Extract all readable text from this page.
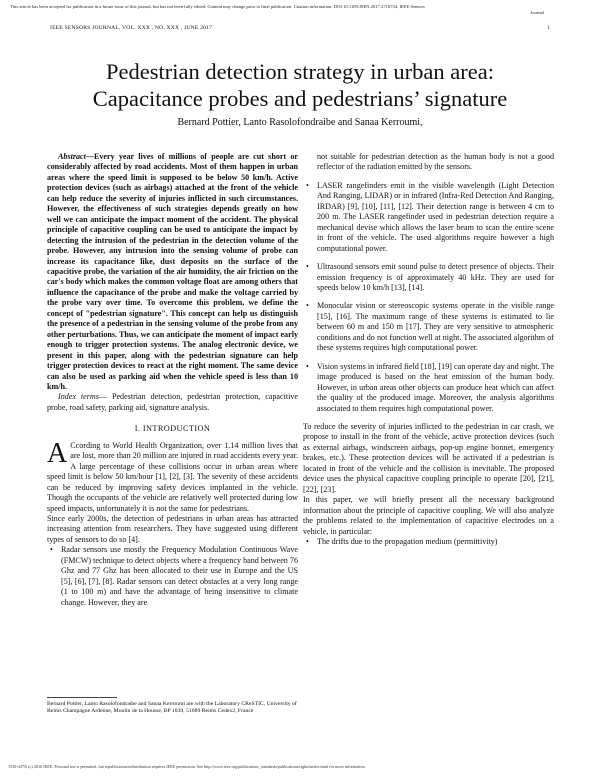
This article has been accepted for publication in a future issue of this journal, but has not been fully edited. Content may change prior to final publication. Citation information: DOI 10.1109/JSEN.2017.2716734, IEEE Sensors

Journal

IEEE SENSORS JOURNAL, VOL. XXX , NO. XXX , JUNE 2017	1
Pedestrian detection strategy in urban area:
Capacitance probes and pedestrians’ signature
Bernard Pottier, Lanto Rasolofondraibe and Sanaa Kerroumi,

Abstract—Every year lives of millions of people are cut short or considerably affected by road accidents. Most of them happen in urban areas where the speed limit is supposed to be below 50 km/h. Active protection devices (such as airbags) attached at the front of the vehicle can help reduce the severity of injuries inflicted in such circumstances. However, the effectiveness of such strategies depends greatly on how well we can anticipate the impact moment of the accident. The physical principle of capacitive coupling can be used to anticipate the impact by detecting the intrusion of the pedestrian in the detection volume of the probe. However, any intrusion into the sensing volume of probe can increase its capacitance like, dust deposits on the surface of the capacitive probe, the variation of the air humidity, the air friction on the car's body which makes the common voltage float are among others that influence the capacitance of the probe and make the voltage carried by the probe vary over time. To overcome this problem, we define the concept of "pedestrian signature". This concept can help us distinguish the presence of a pedestrian in the sensing volume of the probe from any other perturbations. Thus, we can anticipate the moment of impact early enough to trigger protection systems. The analog electronic device, we present in this paper, along with the pedestrian signature can help trigger protection devices to react at the right moment. The same device can also be used as parking aid when the vehicle speed is less than 10 km/h.

Index terms— Pedestrian detection, pedestrian protection, capacitive probe, road safety, parking aid, signature analysis.

I. INTRODUCTION

A Ccording to World Health Organization, over 1.14 million lives that are lost, more than 20 million are injured in road accidents every year. A large percentage of these collisions occur in urban areas where speed limit is below 50 km/hour [1], [2], [3]. The severity of these accidents can be reduced by improving safety devices implanted in the vehicle. Though the occupants of the vehicle are relatively well protected during low speed impacts, unfortunately it is not the same for pedestrians.

Since early 2000s, the detection of pedestrians in urban areas has attracted increasing attention from researchers. They have suggested using different types of sensors to do so [4].

• Radar sensors use mostly the Frequency Modulation Continuous Wave (FMCW) technique to detect objects where a frequency band between 76 Ghz and 77 Ghz has been allocated to their use in Europe and the US [5], [6], [7], [8]. Radar sensors can detect obstacles at a very long range (1 to 100 m) and have the advantage of being insensitive to climate change. However, they are
Bernard Pottier, Lanto Rasolofondraibe and Sanaa Kerroumi are with the Laboratory CReSTIC, University of Reims Champagne Ardenne, Moulin de la Housse, BP 1039, 51089 Reims Cedex2, France
not suitable for pedestrian detection as the human body is not a good reflector of the radiation emitted by the sensors.
• LASER rangefinders emit in the visible wavelength (Light Detection And Ranging, LIDAR) or in infrared (Infra-Red Detection And Ranging, IRDAR) [9], [10], [11], [12]. Their detection range is between 4 cm to 200 m. The LASER rangefinder used in pedestrian detection require a mechanical devise which allows the laser beam to scan the entire scene in front of the vehicle. The used algorithms require however a high computational power.
• Ultrasound sensors emit sound pulse to detect presence of objects. Their emission frequency is of approximately 40 kHz. They are used for speeds below 10 km/h [13], [14].
• Monocular vision or stereoscopic systems operate in the visible range [15], [16]. The maximum range of these systems is estimated to lie between 60 m and 150 m [17]. They are very sensitive to atmospheric conditions and do not function well at night. The associated algorithm of these systems requires high computational power.
• Vision systems in infrared field [18], [19] can operate day and night. The image produced is based on the heat emission of the human body. However, in urban areas other objects can produce heat which can affect the quality of the produced image. Moreover, the analysis algorithms associated to them requires high computational power.

To reduce the severity of injuries inflicted to the pedestrian in car crash, we propose to install in the front of the vehicle, active protection devices (such as external airbags, windscreen airbags, pop-up engine bonnet, emergency brakes, etc.). These protection devices will be activated if a pedestrian is located in front of the vehicle and the collision is inevitable. The proposed device uses the physical capacitive coupling principle to operate [20], [21], [22], [23].

In this paper, we will briefly present all the necessary background information about the principle of capacitive coupling. We will also analyze the problems related to the implementation of capacitive electrodes on a vehicle, in particular:

• The drifts due to the propagation medium (permittivity)
1530-437X (c) 2016 IEEE. Personal use is permitted, but republication/redistribution requires IEEE permission. See http://www.ieee.org/publications_standards/publications/rights/index.html for more information.
